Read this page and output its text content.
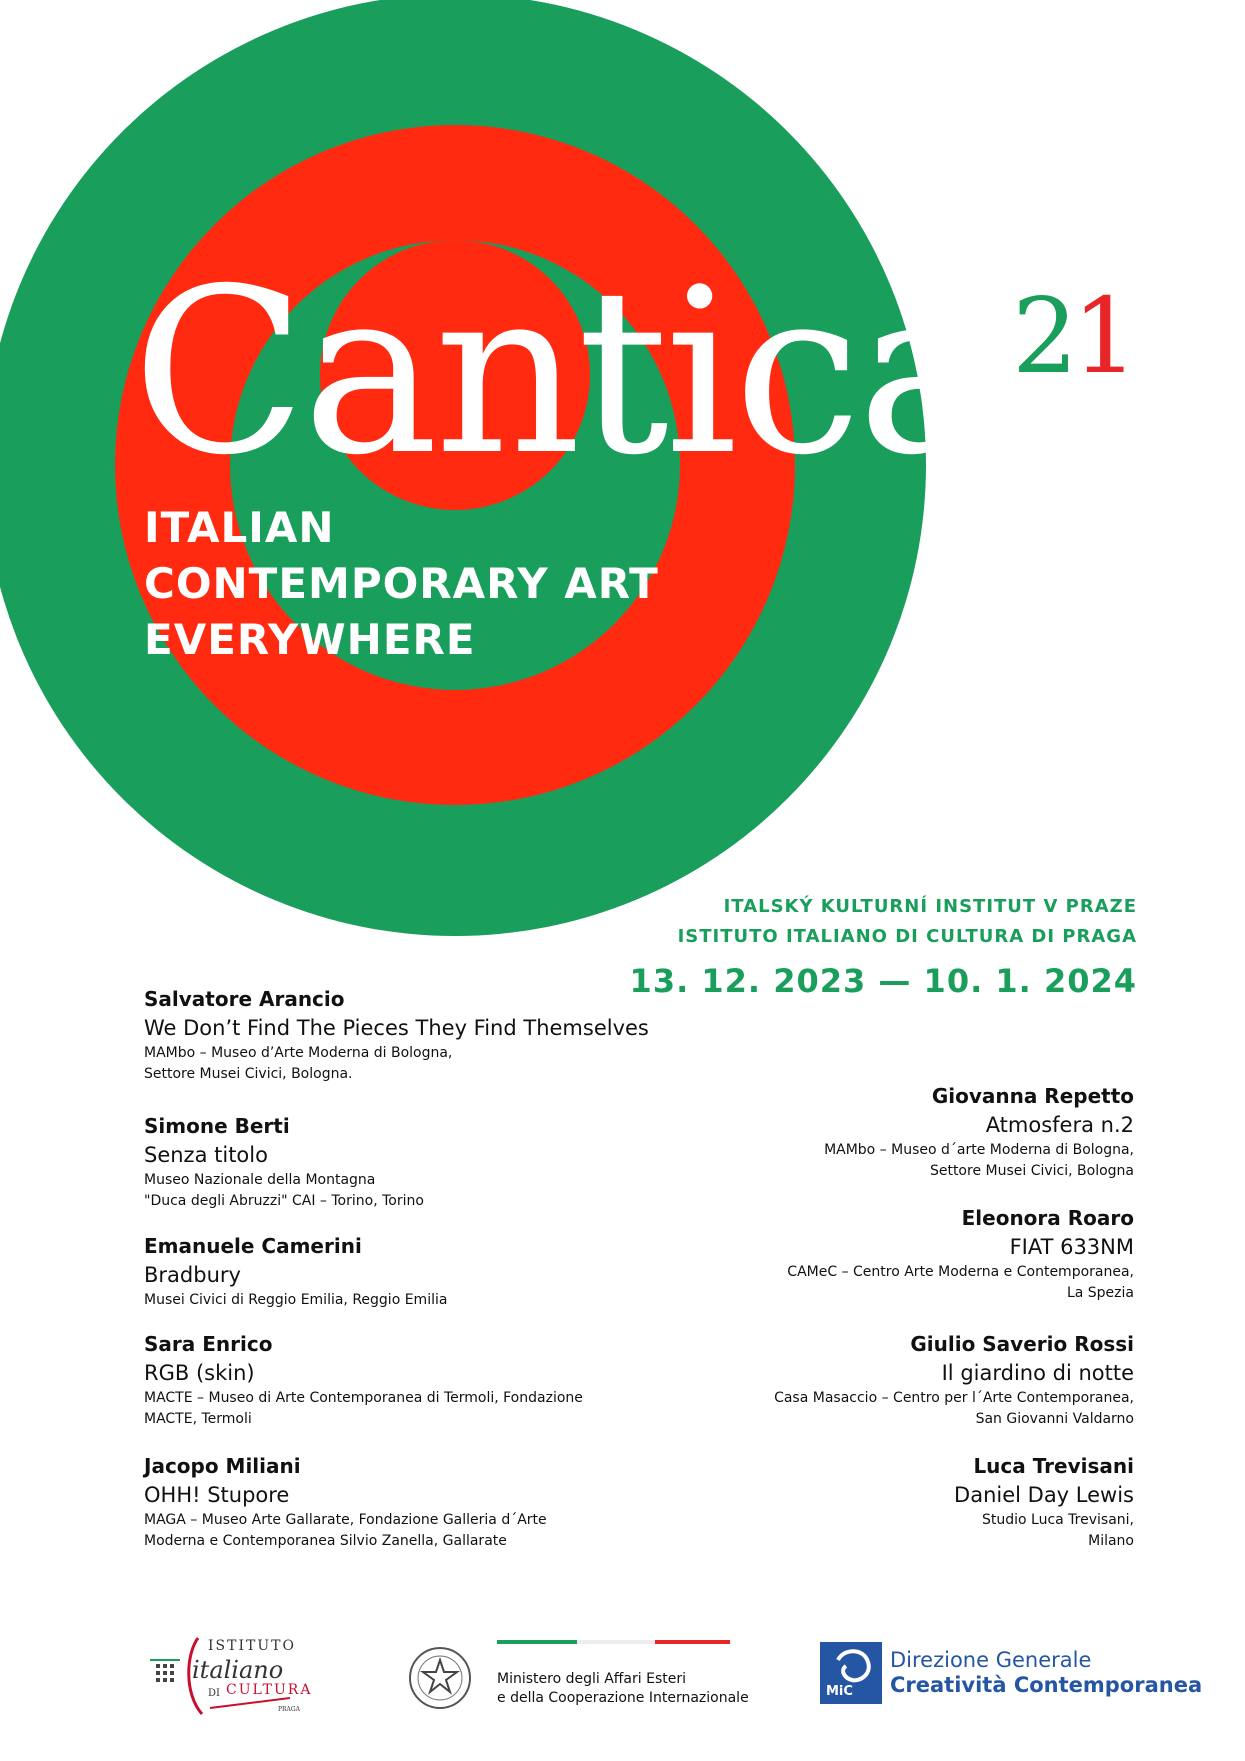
Cantica 21
ITALIAN
CONTEMPORARY ART
EVERYWHERE
ITALSKÝ KULTURNÍ INSTITUT V PRAZE
ISTITUTO ITALIANO DI CULTURA DI PRAGA
13. 12. 2023 — 10. 1. 2024
Salvatore Arancio
We Don’t Find The Pieces They Find Themselves
MAMbo – Museo d’Arte Moderna di Bologna,
Settore Musei Civici, Bologna.
Simone Berti
Senza titolo
Museo Nazionale della Montagna
"Duca degli Abruzzi" CAI – Torino, Torino
Emanuele Camerini
Bradbury
Musei Civici di Reggio Emilia, Reggio Emilia
Sara Enrico
RGB (skin)
MACTE – Museo di Arte Contemporanea di Termoli, Fondazione
MACTE, Termoli
Jacopo Miliani
OHH! Stupore
MAGA – Museo Arte Gallarate, Fondazione Galleria d´Arte
Moderna e Contemporanea Silvio Zanella, Gallarate
Giovanna Repetto
Atmosfera n.2
MAMbo – Museo d´arte Moderna di Bologna,
Settore Musei Civici, Bologna
Eleonora Roaro
FIAT 633NM
CAMeC – Centro Arte Moderna e Contemporanea,
La Spezia
Giulio Saverio Rossi
Il giardino di notte
Casa Masaccio – Centro per l´Arte Contemporanea,
San Giovanni Valdarno
Luca Trevisani
Daniel Day Lewis
Studio Luca Trevisani,
Milano
ISTITUTO
italiano
DI CULTURA
PRAGA
Ministero degli Affari Esteri
e della Cooperazione Internazionale	MiC
Direzione Generale
Creatività Contemporanea
